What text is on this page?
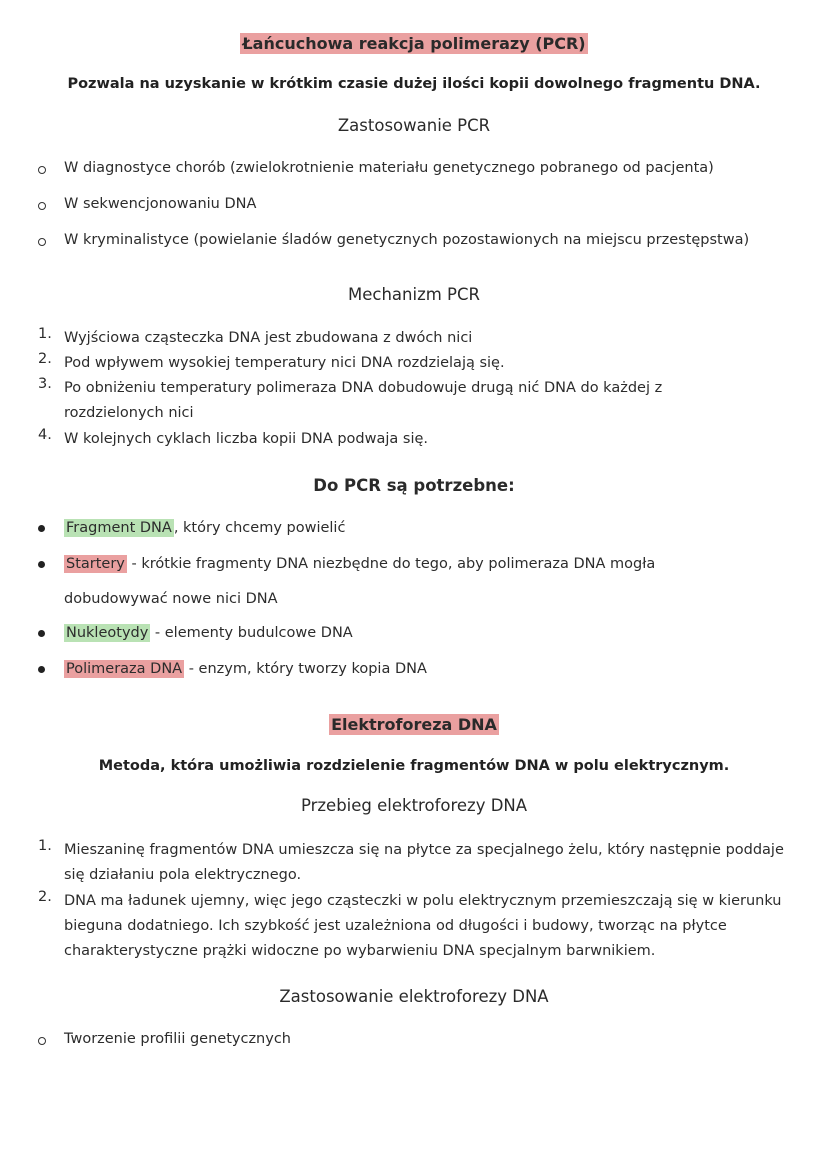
Łańcuchowa reakcja polimerazy (PCR)
Pozwala na uzyskanie w krótkim czasie dużej ilości kopii dowolnego fragmentu DNA.
Zastosowanie PCR
W diagnostyce chorób (zwielokrotnienie materiału genetycznego pobranego od pacjenta)
W sekwencjonowaniu DNA
W kryminalistyce (powielanie śladów genetycznych pozostawionych na miejscu przestępstwa)
Mechanizm PCR
1. Wyjściowa cząsteczka DNA jest zbudowana z dwóch nici
2. Pod wpływem wysokiej temperatury nici DNA rozdzielają się.
3. Po obniżeniu temperatury polimeraza DNA dobudowuje drugą nić DNA do każdej z rozdzielonych nici
4. W kolejnych cyklach liczba kopii DNA podwaja się.
Do PCR są potrzebne:
Fragment DNA , który chcemy powielić
Startery - krótkie fragmenty DNA niezbędne do tego, aby polimeraza DNA mogła
dobudowywać nowe nici DNA
Nukleotydy - elementy budulcowe DNA
Polimeraza DNA - enzym, który tworzy kopia DNA
Elektroforeza DNA
Metoda, która umożliwia rozdzielenie fragmentów DNA w polu elektrycznym.
Przebieg elektroforezy DNA
1. Mieszaninę fragmentów DNA umieszcza się na płytce za specjalnego żelu, który następnie poddaje się działaniu pola elektrycznego.
2. DNA ma ładunek ujemny, więc jego cząsteczki w polu elektrycznym przemieszczają się w kierunku bieguna dodatniego. Ich szybkość jest uzależniona od długości i budowy, tworząc na płytce charakterystyczne prążki widoczne po wybarwieniu DNA specjalnym barwnikiem.
Zastosowanie elektroforezy DNA
Tworzenie profilii genetycznych
